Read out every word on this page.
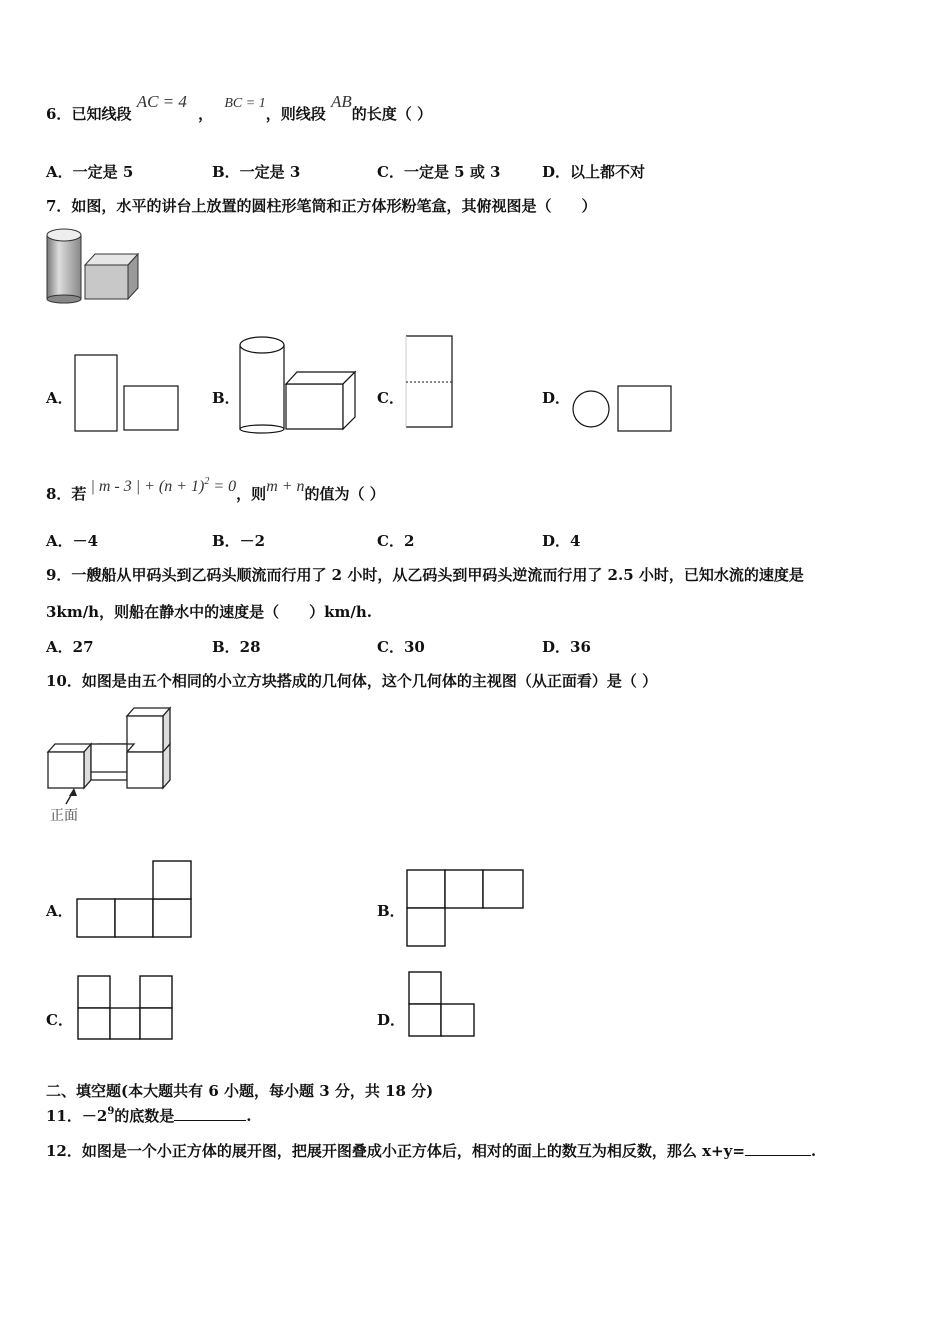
6．已知线段 AC = 4 ， BC = 1，则线段 AB的长度（ ）
A．一定是 5	B．一定是 3	C．一定是 5 或 3	D．以上都不对
7．如图，水平的讲台上放置的圆柱形笔筒和正方体形粉笔盒，其俯视图是（　　）
A．	B．	C．	D．
8．若 | m - 3 | + $(n + 1)^2 = 0$，则m + n的值为（ ）
A．－4	B．－2	C．2	D．4
9．一艘船从甲码头到乙码头顺流而行用了 2 小时，从乙码头到甲码头逆流而行用了 2.5 小时，已知水流的速度是
3km/h，则船在静水中的速度是（　　）km/h.
A．27	B．28	C．30	D．36
10．如图是由五个相同的小立方块搭成的几何体，这个几何体的主视图（从正面看）是（ ）
正面
A．	B．
C．	D．
二、填空题(本大题共有 6 小题，每小题 3 分，共 18 分)
11．$-2^9$的底数是	.
12．如图是一个小正方体的展开图，把展开图叠成小正方体后，相对的面上的数互为相反数，那么 x+y=	.
